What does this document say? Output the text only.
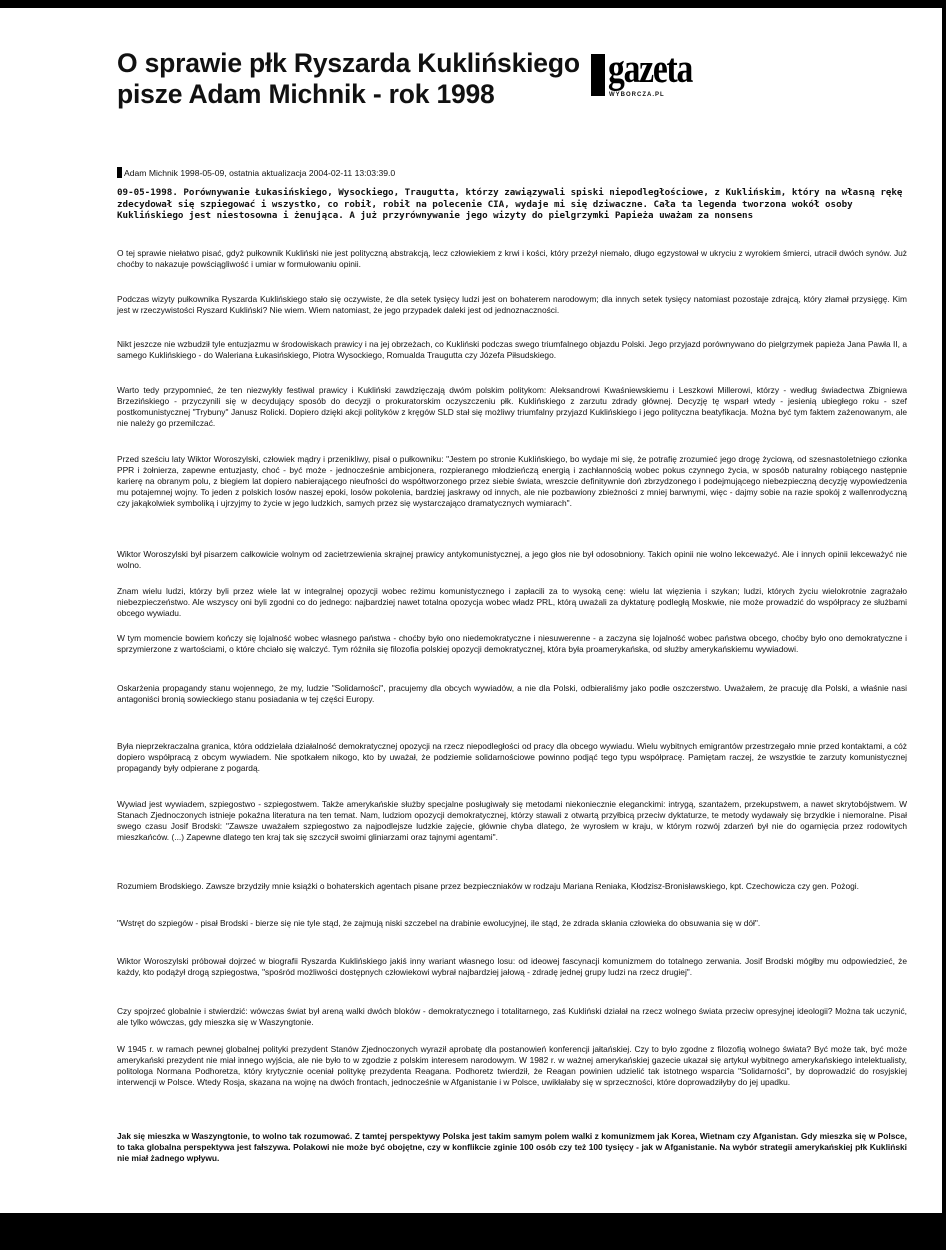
O sprawie płk Ryszarda Kuklińskiego pisze Adam Michnik - rok 1998
gazeta
WYBORCZA.PL
Adam Michnik 1998-05-09, ostatnia aktualizacja 2004-02-11 13:03:39.0

09-05-1998. Porównywanie Łukasińskiego, Wysockiego, Traugutta, którzy zawiązywali spiski niepodległościowe, z Kuklińskim, który na własną rękę zdecydował się szpiegować i wszystko, co robił, robił na polecenie CIA, wydaje mi się dziwaczne. Cała ta legenda tworzona wokół osoby Kuklińskiego jest niestosowna i żenująca. A już przyrównywanie jego wizyty do pielgrzymki Papieża uważam za nonsens

O tej sprawie niełatwo pisać, gdyż pułkownik Kukliński nie jest polityczną abstrakcją, lecz człowiekiem z krwi i kości, który przeżył niemało, długo egzystował w ukryciu z wyrokiem śmierci, utracił dwóch synów. Już choćby to nakazuje powściągliwość i umiar w formułowaniu opinii.

Podczas wizyty pułkownika Ryszarda Kuklińskiego stało się oczywiste, że dla setek tysięcy ludzi jest on bohaterem narodowym; dla innych setek tysięcy natomiast pozostaje zdrajcą, który złamał przysięgę. Kim jest w rzeczywistości Ryszard Kukliński? Nie wiem. Wiem natomiast, że jego przypadek daleki jest od jednoznaczności.

Nikt jeszcze nie wzbudził tyle entuzjazmu w środowiskach prawicy i na jej obrzeżach, co Kukliński podczas swego triumfalnego objazdu Polski. Jego przyjazd porównywano do pielgrzymek papieża Jana Pawła II, a samego Kuklińskiego - do Waleriana Łukasińskiego, Piotra Wysockiego, Romualda Traugutta czy Józefa Piłsudskiego.

Warto tedy przypomnieć, że ten niezwykły festiwal prawicy i Kukliński zawdzięczają dwóm polskim politykom: Aleksandrowi Kwaśniewskiemu i Leszkowi Millerowi, którzy - według świadectwa Zbigniewa Brzezińskiego - przyczynili się w decydujący sposób do decyzji o prokuratorskim oczyszczeniu płk. Kuklińskiego z zarzutu zdrady głównej. Decyzję tę wsparł wtedy - jesienią ubiegłego roku - szef postkomunistycznej "Trybuny" Janusz Rolicki. Dopiero dzięki akcji polityków z kręgów SLD stał się możliwy triumfalny przyjazd Kuklińskiego i jego polityczna beatyfikacja. Można być tym faktem zażenowanym, ale nie należy go przemilczać.

Przed sześciu laty Wiktor Woroszylski, człowiek mądry i przenikliwy, pisał o pułkowniku: "Jestem po stronie Kuklińskiego, bo wydaje mi się, że potrafię zrozumieć jego drogę życiową, od szesnastoletniego członka PPR i żołnierza, zapewne entuzjasty, choć - być może - jednocześnie ambicjonera, rozpieranego młodzieńczą energią i zachłannością wobec pokus czynnego życia, w sposób naturalny robiącego następnie karierę na obranym polu, z biegiem lat dopiero nabierającego nieufności do współtworzonego przez siebie świata, wreszcie definitywnie doń zbrzydzonego i podejmującego niebezpieczną decyzję wypowiedzenia mu potajemnej wojny. To jeden z polskich losów naszej epoki, losów pokolenia, bardziej jaskrawy od innych, ale nie pozbawiony zbieżności z mniej barwnymi, więc - dajmy sobie na razie spokój z wallenrodyczną czy jakąkolwiek symboliką i ujrzyjmy to życie w jego ludzkich, samych przez się wystarczająco dramatycznych wymiarach".

Wiktor Woroszylski był pisarzem całkowicie wolnym od zacietrzewienia skrajnej prawicy antykomunistycznej, a jego głos nie był odosobniony. Takich opinii nie wolno lekceważyć. Ale i innych opinii lekceważyć nie wolno.

Znam wielu ludzi, którzy byli przez wiele lat w integralnej opozycji wobec reżimu komunistycznego i zapłacili za to wysoką cenę: wielu lat więzienia i szykan; ludzi, których życiu wielokrotnie zagrażało niebezpieczeństwo. Ale wszyscy oni byli zgodni co do jednego: najbardziej nawet totalna opozycja wobec władz PRL, którą uważali za dyktaturę podległą Moskwie, nie może prowadzić do współpracy ze służbami obcego wywiadu.

W tym momencie bowiem kończy się lojalność wobec własnego państwa - choćby było ono niedemokratyczne i niesuwerenne - a zaczyna się lojalność wobec państwa obcego, choćby było ono demokratyczne i sprzymierzone z wartościami, o które chciało się walczyć. Tym różniła się filozofia polskiej opozycji demokratycznej, która była proamerykańska, od służby amerykańskiemu wywiadowi.

Oskarżenia propagandy stanu wojennego, że my, ludzie "Solidarności", pracujemy dla obcych wywiadów, a nie dla Polski, odbieraliśmy jako podłe oszczerstwo. Uważałem, że pracuję dla Polski, a właśnie nasi antagoniści bronią sowieckiego stanu posiadania w tej części Europy.

Była nieprzekraczalna granica, która oddzielała działalność demokratycznej opozycji na rzecz niepodległości od pracy dla obcego wywiadu. Wielu wybitnych emigrantów przestrzegało mnie przed kontaktami, a cóż dopiero współpracą z obcym wywiadem. Nie spotkałem nikogo, kto by uważał, że podziemie solidarnościowe powinno podjąć tego typu współpracę. Pamiętam raczej, że wszystkie te zarzuty komunistycznej propagandy były odpierane z pogardą.

Wywiad jest wywiadem, szpiegostwo - szpiegostwem. Także amerykańskie służby specjalne posługiwały się metodami niekoniecznie eleganckimi: intrygą, szantażem, przekupstwem, a nawet skrytobójstwem. W Stanach Zjednoczonych istnieje pokaźna literatura na ten temat. Nam, ludziom opozycji demokratycznej, którzy stawali z otwartą przyłbicą przeciw dyktaturze, te metody wydawały się brzydkie i niemoralne. Pisał swego czasu Josif Brodski: "Zawsze uważałem szpiegostwo za najpodlejsze ludzkie zajęcie, głównie chyba dlatego, że wyrosłem w kraju, w którym rozwój zdarzeń był nie do ogarnięcia przez rodowitych mieszkańców. (...) Zapewne dlatego ten kraj tak się szczycił swoimi gliniarzami oraz tajnymi agentami".

Rozumiem Brodskiego. Zawsze brzydziły mnie książki o bohaterskich agentach pisane przez bezpieczniaków w rodzaju Mariana Reniaka, Kłodzisz-Bronisławskiego, kpt. Czechowicza czy gen. Pożogi.

"Wstręt do szpiegów - pisał Brodski - bierze się nie tyle stąd, że zajmują niski szczebel na drabinie ewolucyjnej, ile stąd, że zdrada skłania człowieka do obsuwania się w dół".

Wiktor Woroszylski próbował dojrzeć w biografii Ryszarda Kuklińskiego jakiś inny wariant własnego losu: od ideowej fascynacji komunizmem do totalnego zerwania. Josif Brodski mógłby mu odpowiedzieć, że każdy, kto podążył drogą szpiegostwa, "spośród możliwości dostępnych człowiekowi wybrał najbardziej jałową - zdradę jednej grupy ludzi na rzecz drugiej".

Czy spojrzeć globalnie i stwierdzić: wówczas świat był areną walki dwóch bloków - demokratycznego i totalitarnego, zaś Kukliński działał na rzecz wolnego świata przeciw opresyjnej ideologii? Można tak uczynić, ale tylko wówczas, gdy mieszka się w Waszyngtonie.

W 1945 r. w ramach pewnej globalnej polityki prezydent Stanów Zjednoczonych wyraził aprobatę dla postanowień konferencji jałtańskiej. Czy to było zgodne z filozofią wolnego świata? Być może tak, być może amerykański prezydent nie miał innego wyjścia, ale nie było to w zgodzie z polskim interesem narodowym. W 1982 r. w ważnej amerykańskiej gazecie ukazał się artykuł wybitnego amerykańskiego intelektualisty, politologa Normana Podhoretza, który krytycznie oceniał politykę prezydenta Reagana. Podhoretz twierdził, że Reagan powinien udzielić tak istotnego wsparcia "Solidarności", by doprowadzić do rosyjskiej interwencji w Polsce. Wtedy Rosja, skazana na wojnę na dwóch frontach, jednocześnie w Afganistanie i w Polsce, uwikłałaby się w sprzeczności, które doprowadziłyby do jej upadku.

Jak się mieszka w Waszyngtonie, to wolno tak rozumować. Z tamtej perspektywy Polska jest takim samym polem walki z komunizmem jak Korea, Wietnam czy Afganistan. Gdy mieszka się w Polsce, to taka globalna perspektywa jest fałszywa. Polakowi nie może być obojętne, czy w konflikcie zginie 100 osób czy też 100 tysięcy - jak w Afganistanie. Na wybór strategii amerykańskiej płk Kukliński nie miał żadnego wpływu.
